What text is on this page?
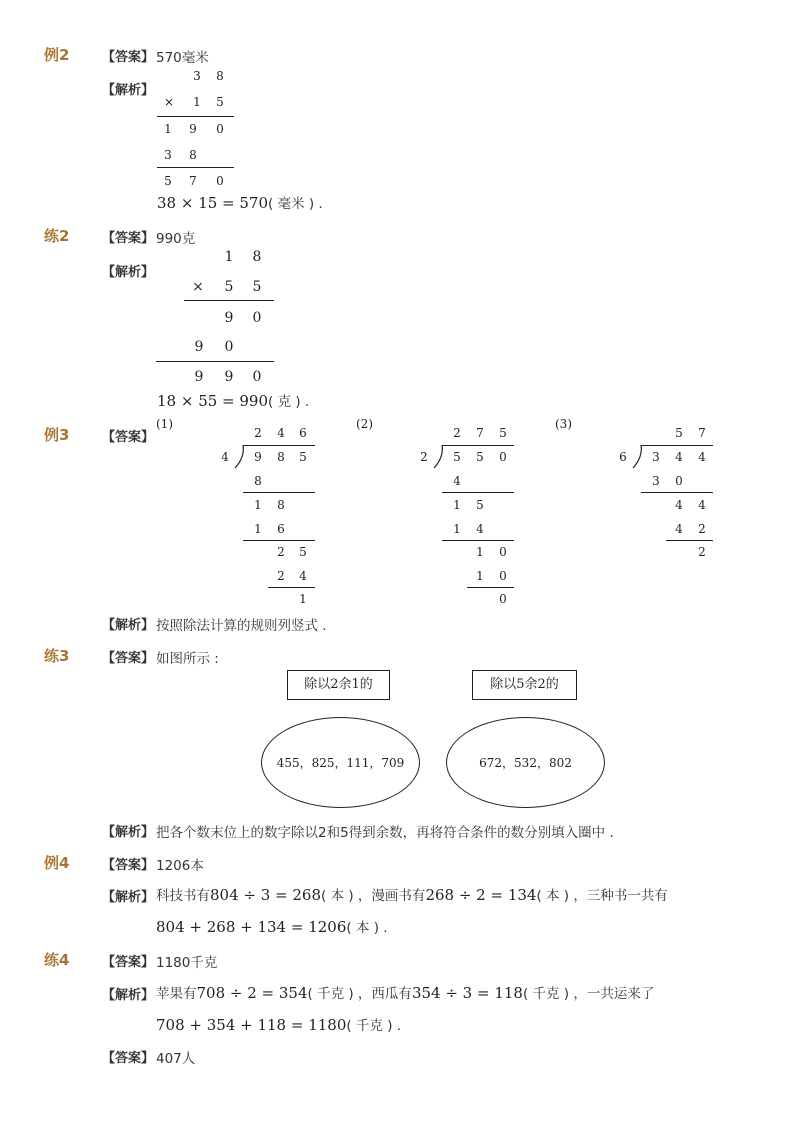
例2	【答案】 570毫米
【解析】
3 8
× 1 5
1 9 0
3 8
5 7 0
38 × 15 = 570( 毫米 ) .
练2	【答案】 990克
【解析】
1 8
× 5 5
9 0
9 0
9 9 0
18 × 55 = 990( 克 ) .
例3	【答案】
(1)	(2)	(3)
2 4 6
4 9 8 5
8
1 8
1 6
2 5
2 4
1
2 7 5
2 5 5 0
4
1 5
1 4
1 0
1 0
0
5 7
6 3 4 4
3 0
4 4
4 2
2
【解析】 按照除法计算的规则列竖式 .
练3	【答案】 如图所示 :
除以2余1的	除以5余2的
455，825，111，709	672，532，802
【解析】 把各个数末位上的数字除以2和5得到余数，再将符合条件的数分别填入圈中 .
例4	【答案】 1206本
【解析】 科技书有804 ÷ 3 = 268( 本 ) ，漫画书有268 ÷ 2 = 134( 本 ) ，三种书一共有
804 + 268 + 134 = 1206( 本 ) .
练4	【答案】 1180千克
【解析】 苹果有708 ÷ 2 = 354( 千克 ) ，西瓜有354 ÷ 3 = 118( 千克 ) ，一共运来了
708 + 354 + 118 = 1180( 千克 ) .
【答案】 407人
